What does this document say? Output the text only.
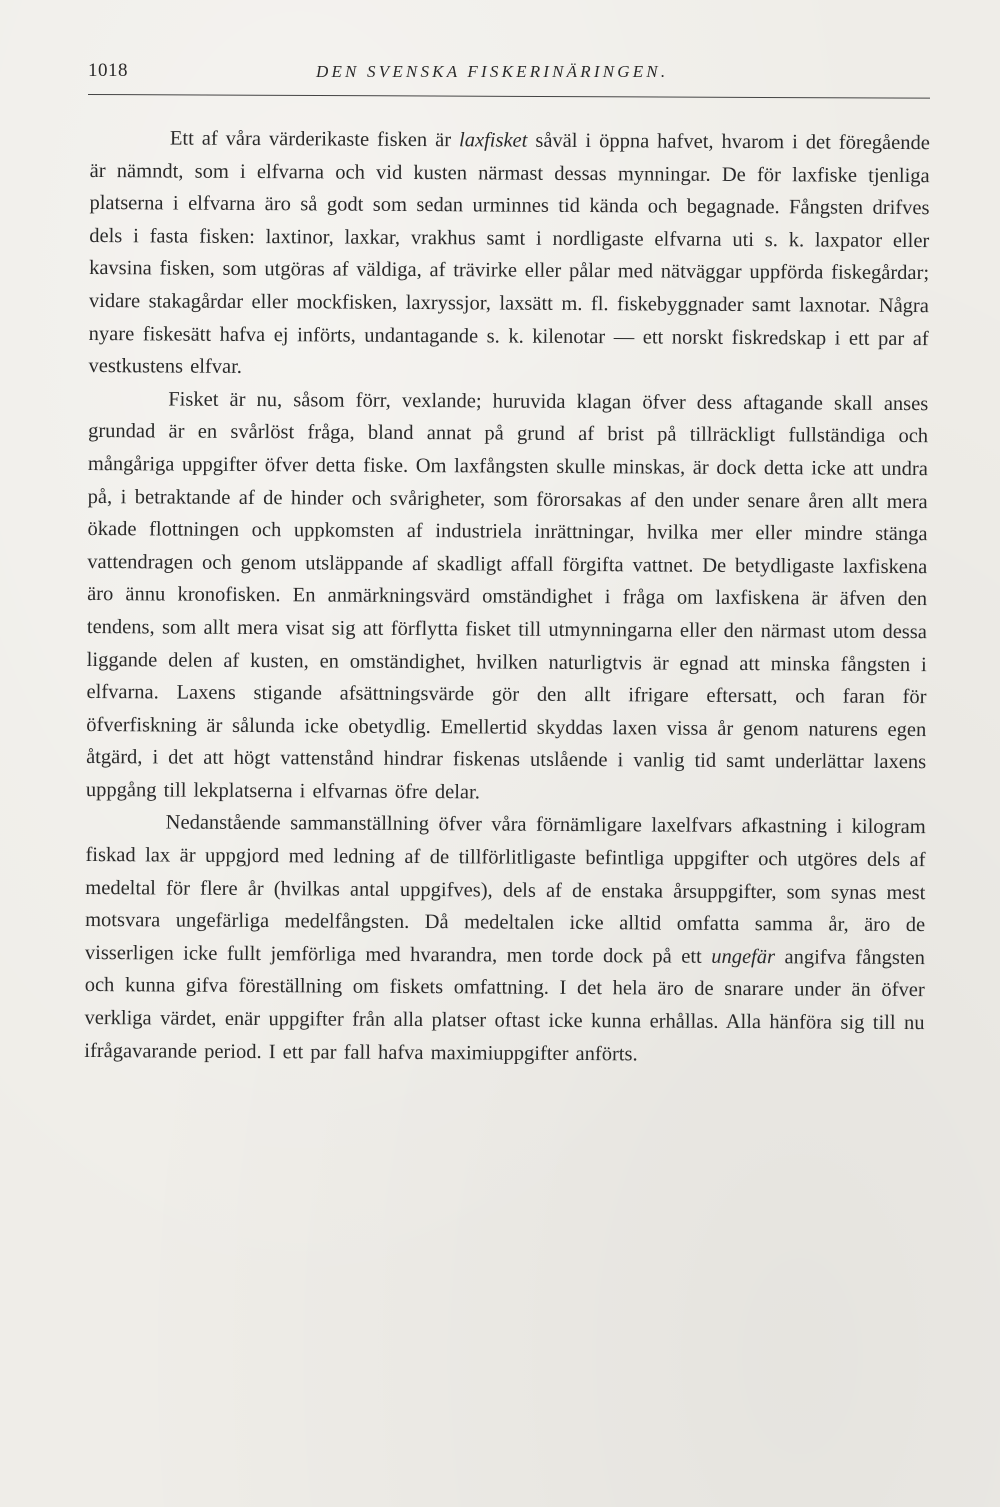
1018	DEN SVENSKA FISKERINÄRINGEN.

Ett af våra värderikaste fisken är laxfisket såväl i öppna hafvet, hvarom i det föregående är nämndt, som i elfvarna och vid kusten närmast dessas mynningar. De för laxfiske tjenliga platserna i elfvarna äro så godt som sedan urminnes tid kända och begagnade. Fångsten drifves dels i fasta fisken: laxtinor, laxkar, vrakhus samt i nordligaste elfvarna uti s. k. laxpator eller kavsina fisken, som utgöras af väldiga, af trävirke eller pålar med nätväggar uppförda fiskegårdar; vidare stakagårdar eller mockfisken, laxryssjor, laxsätt m. fl. fiskebyggnader samt laxnotar. Några nyare fiskesätt hafva ej införts, undantagande s. k. kilenotar — ett norskt fiskredskap i ett par af vestkustens elfvar.

Fisket är nu, såsom förr, vexlande; huruvida klagan öfver dess aftagande skall anses grundad är en svårlöst fråga, bland annat på grund af brist på tillräckligt fullständiga och mångåriga uppgifter öfver detta fiske. Om laxfångsten skulle minskas, är dock detta icke att undra på, i betraktande af de hinder och svårigheter, som förorsakas af den under senare åren allt mera ökade flottningen och uppkomsten af industriela inrättningar, hvilka mer eller mindre stänga vattendragen och genom utsläppande af skadligt affall förgifta vattnet. De betydligaste laxfiskena äro ännu kronofisken. En anmärkningsvärd omständighet i fråga om laxfiskena är äfven den tendens, som allt mera visat sig att förflytta fisket till utmynningarna eller den närmast utom dessa liggande delen af kusten, en omständighet, hvilken naturligtvis är egnad att minska fångsten i elfvarna. Laxens stigande afsättningsvärde gör den allt ifrigare eftersatt, och faran för öfverfiskning är sålunda icke obetydlig. Emellertid skyddas laxen vissa år genom naturens egen åtgärd, i det att högt vattenstånd hindrar fiskenas utslående i vanlig tid samt underlättar laxens uppgång till lekplatserna i elfvarnas öfre delar.

Nedanstående sammanställning öfver våra förnämligare laxelfvars afkastning i kilogram fiskad lax är uppgjord med ledning af de tillförlitligaste befintliga uppgifter och utgöres dels af medeltal för flere år (hvilkas antal uppgifves), dels af de enstaka årsuppgifter, som synas mest motsvara ungefärliga medelfångsten. Då medeltalen icke alltid omfatta samma år, äro de visserligen icke fullt jemförliga med hvarandra, men torde dock på ett ungefär angifva fångsten och kunna gifva föreställning om fiskets omfattning. I det hela äro de snarare under än öfver verkliga värdet, enär uppgifter från alla platser oftast icke kunna erhållas. Alla hänföra sig till nu ifrågavarande period. I ett par fall hafva maximiuppgifter anförts.
